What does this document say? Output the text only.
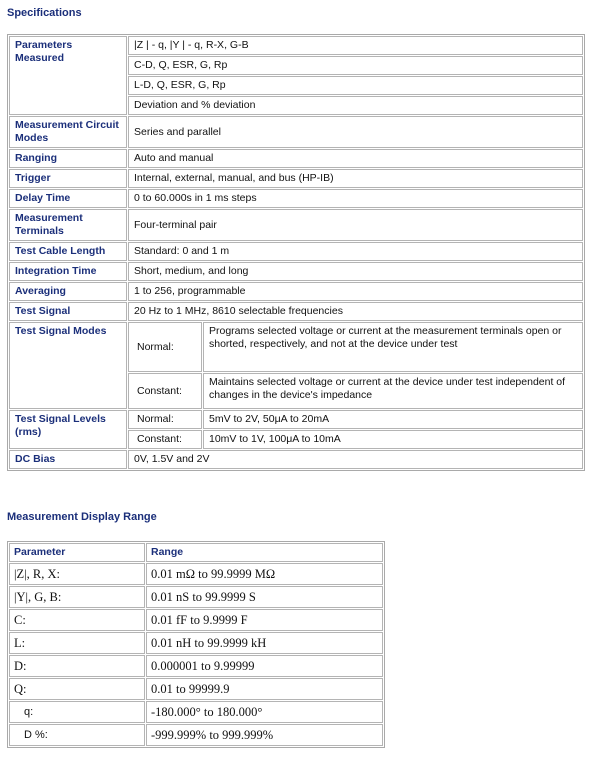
Specifications
Parameters Measured	|Z | - q, |Y | - q, R-X, G-B	
	C-D, Q, ESR, G, Rp	
	L-D, Q, ESR, G, Rp	
	Deviation and % deviation	
Measurement Circuit Modes	Series and parallel	
Ranging	Auto and manual	
Trigger	Internal, external, manual, and bus (HP-IB)	
Delay Time	0 to 60.000s in 1 ms steps	
Measurement Terminals	Four-terminal pair	
Test Cable Length	Standard: 0 and 1 m	
Integration Time	Short, medium, and long	
Averaging	1 to 256, programmable	
Test Signal	20 Hz to 1 MHz, 8610 selectable frequencies	
Test Signal Modes	Normal:	Programs selected voltage or current at the measurement terminals open or shorted, respectively, and not at the device under test
	Constant:	Maintains selected voltage or current at the device under test independent of changes in the device's impedance
Test Signal Levels (rms)	Normal:	5mV to 2V, 50μA to 20mA
	Constant:	10mV to 1V, 100μA to 10mA
DC Bias	0V, 1.5V and 2V	
Measurement Display Range
Parameter	Range
|Z|, R, X:	0.01 mΩ to 99.9999 MΩ
|Y|, G, B:	0.01 nS to 99.9999 S
C:	0.01 fF to 9.9999 F
L:	0.01 nH to 99.9999 kH
D:	0.000001 to 9.99999
Q:	0.01 to 99999.9
q:	-180.000° to 180.000°
D %:	-999.999% to 999.999%
